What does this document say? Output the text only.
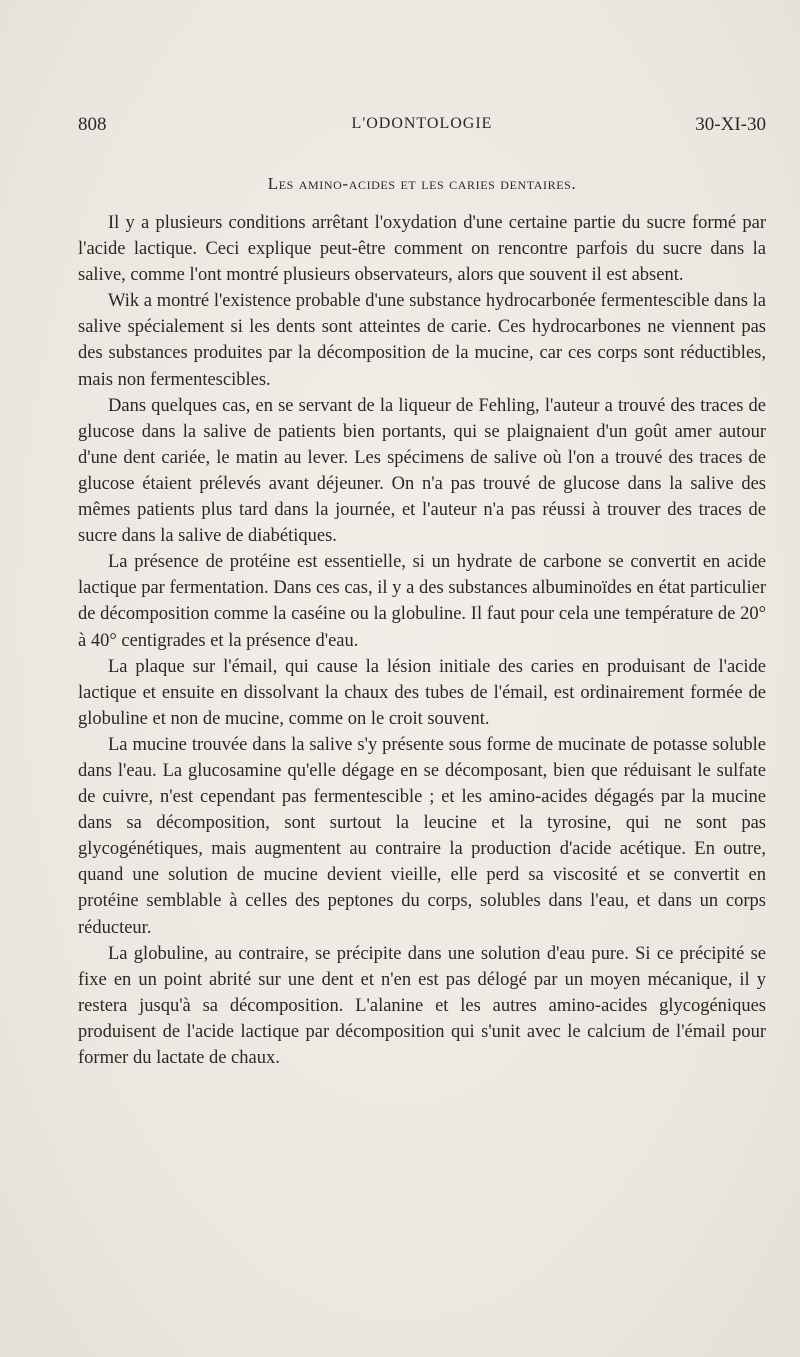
808	L'ODONTOLOGIE	30-XI-30
Les amino-acides et les caries dentaires.

Il y a plusieurs conditions arrêtant l'oxydation d'une certaine partie du sucre formé par l'acide lactique. Ceci explique peut-être comment on rencontre parfois du sucre dans la salive, comme l'ont montré plusieurs observateurs, alors que souvent il est absent.

Wik a montré l'existence probable d'une substance hydrocarbonée fermentescible dans la salive spécialement si les dents sont atteintes de carie. Ces hydrocarbones ne viennent pas des substances produites par la décomposition de la mucine, car ces corps sont réductibles, mais non fermentescibles.

Dans quelques cas, en se servant de la liqueur de Fehling, l'auteur a trouvé des traces de glucose dans la salive de patients bien portants, qui se plaignaient d'un goût amer autour d'une dent cariée, le matin au lever. Les spécimens de salive où l'on a trouvé des traces de glucose étaient prélevés avant déjeuner. On n'a pas trouvé de glucose dans la salive des mêmes patients plus tard dans la journée, et l'auteur n'a pas réussi à trouver des traces de sucre dans la salive de diabétiques.

La présence de protéine est essentielle, si un hydrate de carbone se convertit en acide lactique par fermentation. Dans ces cas, il y a des substances albuminoïdes en état particulier de décomposition comme la caséine ou la globuline. Il faut pour cela une température de 20° à 40° centigrades et la présence d'eau.

La plaque sur l'émail, qui cause la lésion initiale des caries en produisant de l'acide lactique et ensuite en dissolvant la chaux des tubes de l'émail, est ordinairement formée de globuline et non de mucine, comme on le croit souvent.

La mucine trouvée dans la salive s'y présente sous forme de mucinate de potasse soluble dans l'eau. La glucosamine qu'elle dégage en se décomposant, bien que réduisant le sulfate de cuivre, n'est cependant pas fermentescible ; et les amino-acides dégagés par la mucine dans sa décomposition, sont surtout la leucine et la tyrosine, qui ne sont pas glycogénétiques, mais augmentent au contraire la production d'acide acétique. En outre, quand une solution de mucine devient vieille, elle perd sa viscosité et se convertit en protéine semblable à celles des peptones du corps, solubles dans l'eau, et dans un corps réducteur.

La globuline, au contraire, se précipite dans une solution d'eau pure. Si ce précipité se fixe en un point abrité sur une dent et n'en est pas délogé par un moyen mécanique, il y restera jusqu'à sa décomposition. L'alanine et les autres amino-acides glycogéniques produisent de l'acide lactique par décomposition qui s'unit avec le calcium de l'émail pour former du lactate de chaux.
